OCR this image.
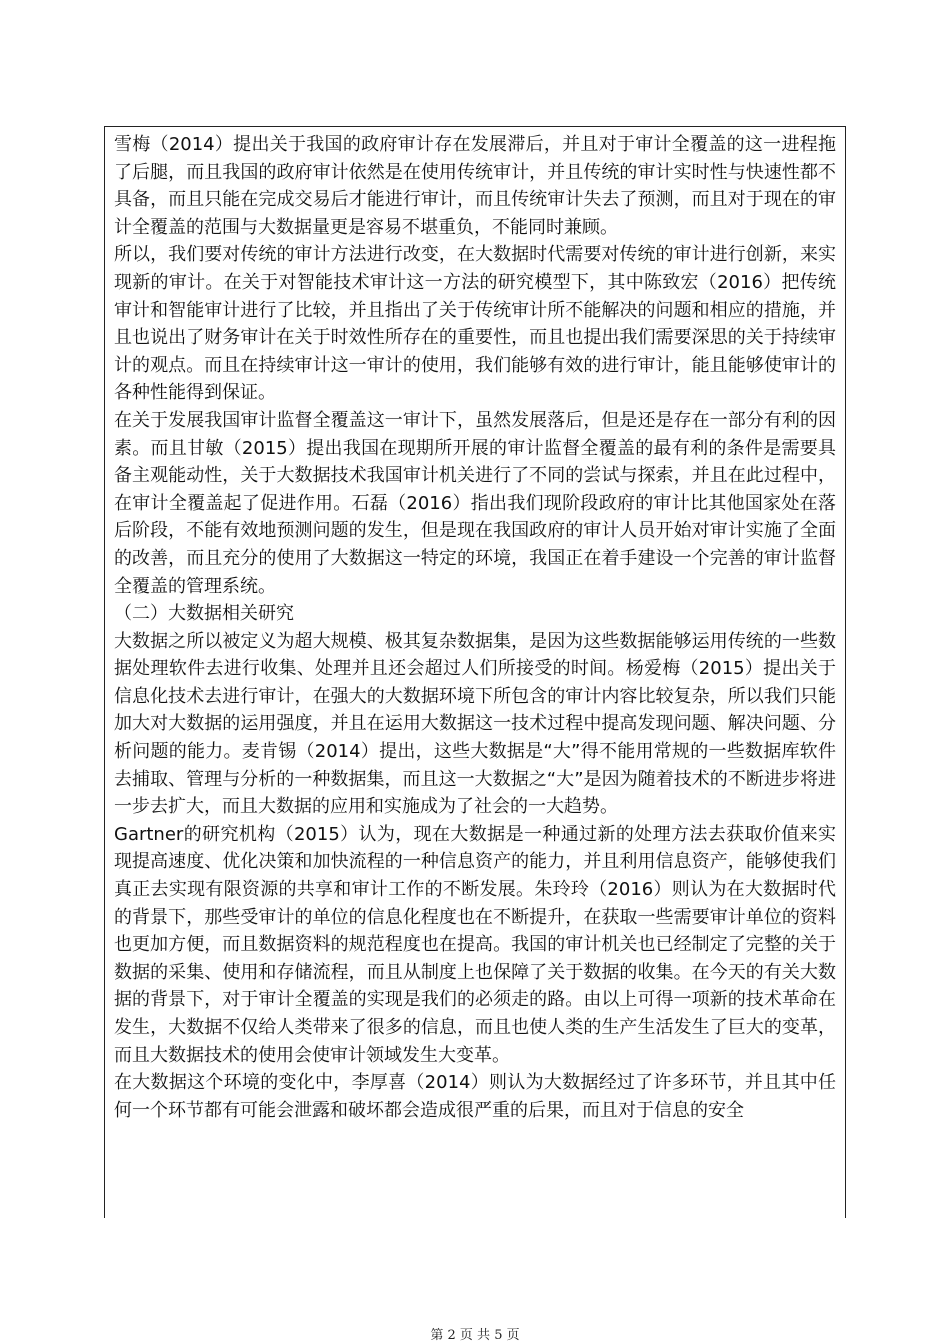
雪梅（2014）提出关于我国的政府审计存在发展滞后，并且对于审计全覆盖的这一进程拖了后腿，而且我国的政府审计依然是在使用传统审计，并且传统的审计实时性与快速性都不具备，而且只能在完成交易后才能进行审计，而且传统审计失去了预测，而且对于现在的审计全覆盖的范围与大数据量更是容易不堪重负，不能同时兼顾。

所以，我们要对传统的审计方法进行改变，在大数据时代需要对传统的审计进行创新，来实现新的审计。在关于对智能技术审计这一方法的研究模型下，其中陈致宏（2016）把传统审计和智能审计进行了比较，并且指出了关于传统审计所不能解决的问题和相应的措施，并且也说出了财务审计在关于时效性所存在的重要性，而且也提出我们需要深思的关于持续审计的观点。而且在持续审计这一审计的使用，我们能够有效的进行审计，能且能够使审计的各种性能得到保证。

在关于发展我国审计监督全覆盖这一审计下，虽然发展落后，但是还是存在一部分有利的因素。而且甘敏（2015）提出我国在现期所开展的审计监督全覆盖的最有利的条件是需要具备主观能动性，关于大数据技术我国审计机关进行了不同的尝试与探索，并且在此过程中，在审计全覆盖起了促进作用。石磊（2016）指出我们现阶段政府的审计比其他国家处在落后阶段，不能有效地预测问题的发生，但是现在我国政府的审计人员开始对审计实施了全面的改善，而且充分的使用了大数据这一特定的环境，我国正在着手建设一个完善的审计监督全覆盖的管理系统。

（二）大数据相关研究

大数据之所以被定义为超大规模、极其复杂数据集，是因为这些数据能够运用传统的一些数据处理软件去进行收集、处理并且还会超过人们所接受的时间。杨爱梅（2015）提出关于信息化技术去进行审计，在强大的大数据环境下所包含的审计内容比较复杂，所以我们只能加大对大数据的运用强度，并且在运用大数据这一技术过程中提高发现问题、解决问题、分析问题的能力。麦肯锡（2014）提出，这些大数据是“大”得不能用常规的一些数据库软件去捕取、管理与分析的一种数据集，而且这一大数据之“大”是因为随着技术的不断进步将进一步去扩大，而且大数据的应用和实施成为了社会的一大趋势。

Gartner的研究机构（2015）认为，现在大数据是一种通过新的处理方法去获取价值来实现提高速度、优化决策和加快流程的一种信息资产的能力，并且利用信息资产，能够使我们真正去实现有限资源的共享和审计工作的不断发展。朱玲玲（2016）则认为在大数据时代的背景下，那些受审计的单位的信息化程度也在不断提升，在获取一些需要审计单位的资料也更加方便，而且数据资料的规范程度也在提高。我国的审计机关也已经制定了完整的关于数据的采集、使用和存储流程，而且从制度上也保障了关于数据的收集。在今天的有关大数据的背景下，对于审计全覆盖的实现是我们的必须走的路。由以上可得一项新的技术革命在发生，大数据不仅给人类带来了很多的信息，而且也使人类的生产生活发生了巨大的变革，而且大数据技术的使用会使审计领域发生大变革。

在大数据这个环境的变化中，李厚喜（2014）则认为大数据经过了许多环节，并且其中任何一个环节都有可能会泄露和破坏都会造成很严重的后果，而且对于信息的安全

第 2 页 共 5 页
